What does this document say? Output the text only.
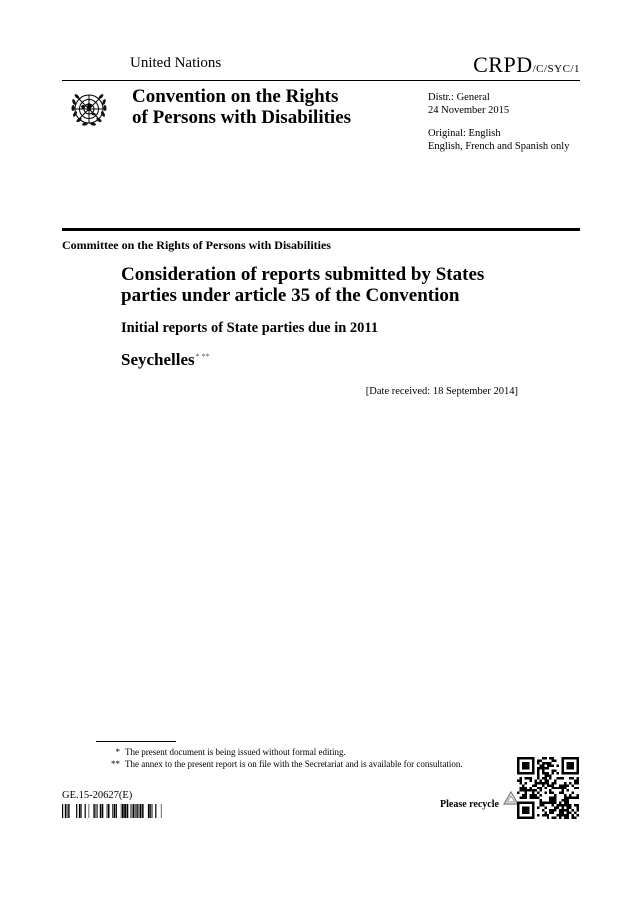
United Nations	CRPD/C/SYC/1
Convention on the Rights
of Persons with Disabilities
Distr.: General
24 November 2015
Original: English
English, French and Spanish only
Committee on the Rights of Persons with Disabilities
Consideration of reports submitted by States
parties under article 35 of the Convention
Initial reports of State parties due in 2011
Seychelles* **
[Date received: 18 September 2014]
* The present document is being issued without formal editing.
** The annex to the present report is on file with the Secretariat and is available for consultation.
GE.15-20627(E)
Please recycle
